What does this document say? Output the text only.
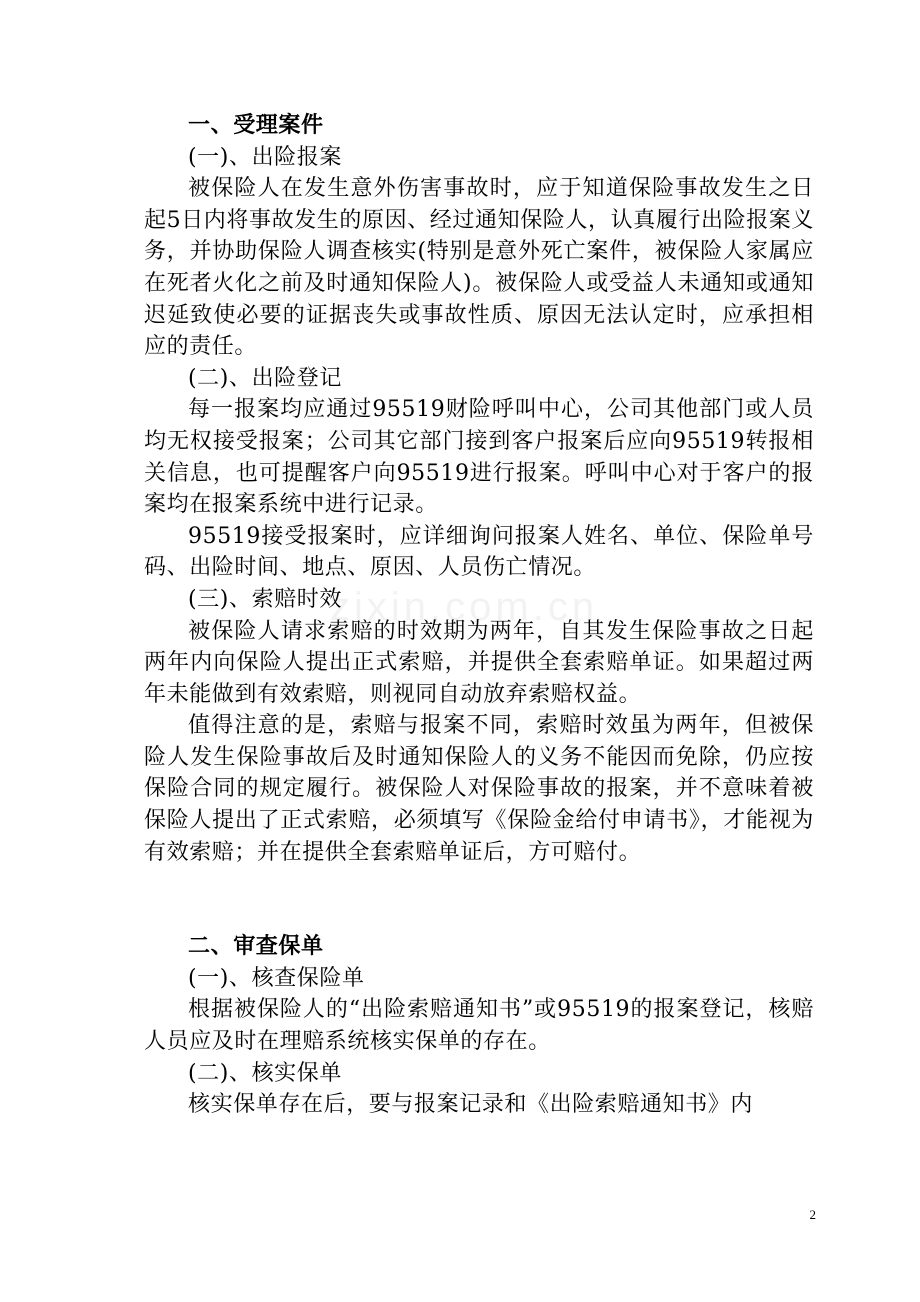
zixin.com.cn

一、受理案件

(一)、出险报案

被保险人在发生意外伤害事故时，应于知道保险事故发生之日起5日内将事故发生的原因、经过通知保险人，认真履行出险报案义务，并协助保险人调查核实(特别是意外死亡案件，被保险人家属应在死者火化之前及时通知保险人)。被保险人或受益人未通知或通知迟延致使必要的证据丧失或事故性质、原因无法认定时，应承担相应的责任。

(二)、出险登记

每一报案均应通过95519财险呼叫中心，公司其他部门或人员均无权接受报案；公司其它部门接到客户报案后应向95519转报相关信息，也可提醒客户向95519进行报案。呼叫中心对于客户的报案均在报案系统中进行记录。

95519接受报案时，应详细询问报案人姓名、单位、保险单号码、出险时间、地点、原因、人员伤亡情况。

(三)、索赔时效

被保险人请求索赔的时效期为两年，自其发生保险事故之日起两年内向保险人提出正式索赔，并提供全套索赔单证。如果超过两年未能做到有效索赔，则视同自动放弃索赔权益。

值得注意的是，索赔与报案不同，索赔时效虽为两年，但被保险人发生保险事故后及时通知保险人的义务不能因而免除，仍应按保险合同的规定履行。被保险人对保险事故的报案，并不意味着被保险人提出了正式索赔，必须填写《保险金给付申请书》，才能视为有效索赔；并在提供全套索赔单证后，方可赔付。

二、审查保单

(一)、核查保险单

根据被保险人的“出险索赔通知书”或95519的报案登记，核赔人员应及时在理赔系统核实保单的存在。

(二)、核实保单

核实保单存在后，要与报案记录和《出险索赔通知书》内

2
